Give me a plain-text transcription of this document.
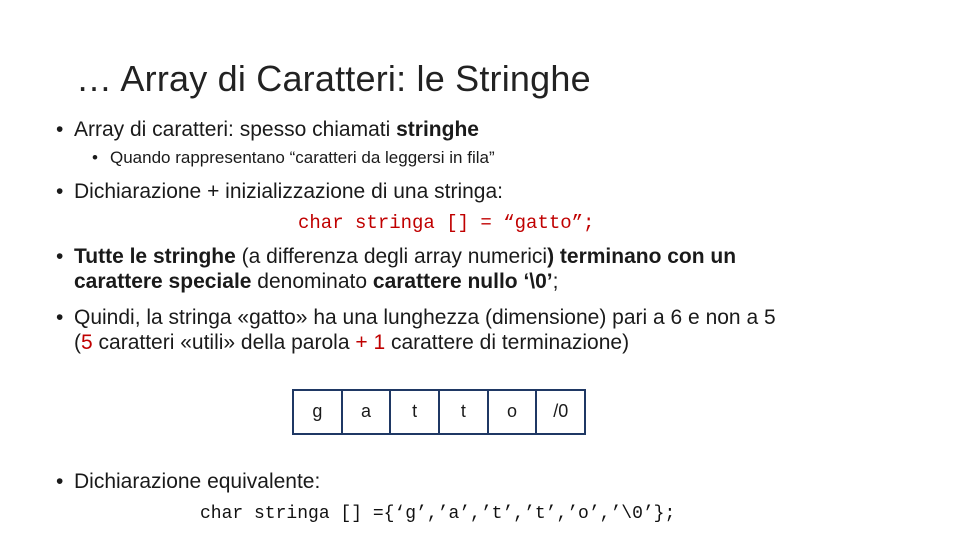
… Array di Caratteri: le Stringhe
• Array di caratteri: spesso chiamati stringhe
• Quando rappresentano “caratteri da leggersi in fila”
• Dichiarazione + inizializzazione di una stringa:
char stringa [] = “gatto”;
• Tutte le stringhe (a differenza degli array numerici) terminano con un
carattere speciale denominato carattere nullo ‘\0’;
• Quindi, la stringa «gatto» ha una lunghezza (dimensione) pari a 6 e non a 5
(5 caratteri «utili» della parola + 1 carattere di terminazione)
g	a	t	t	o	/0
• Dichiarazione equivalente:
char stringa [] ={‘g’,’a’,’t’,’t’,’o’,’\0’};
